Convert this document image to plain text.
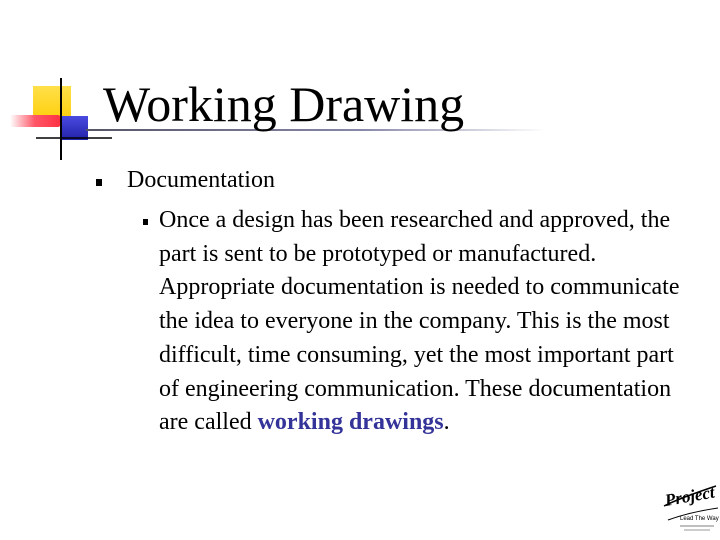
Working Drawing
Documentation
Once a design has been researched and approved, the part is sent to be prototyped or manufactured. Appropriate documentation is needed to communicate the idea to everyone in the company. This is the most difficult, time consuming, yet the most important part of engineering communication. These documentation are called working drawings.
Project
Lead The Way
